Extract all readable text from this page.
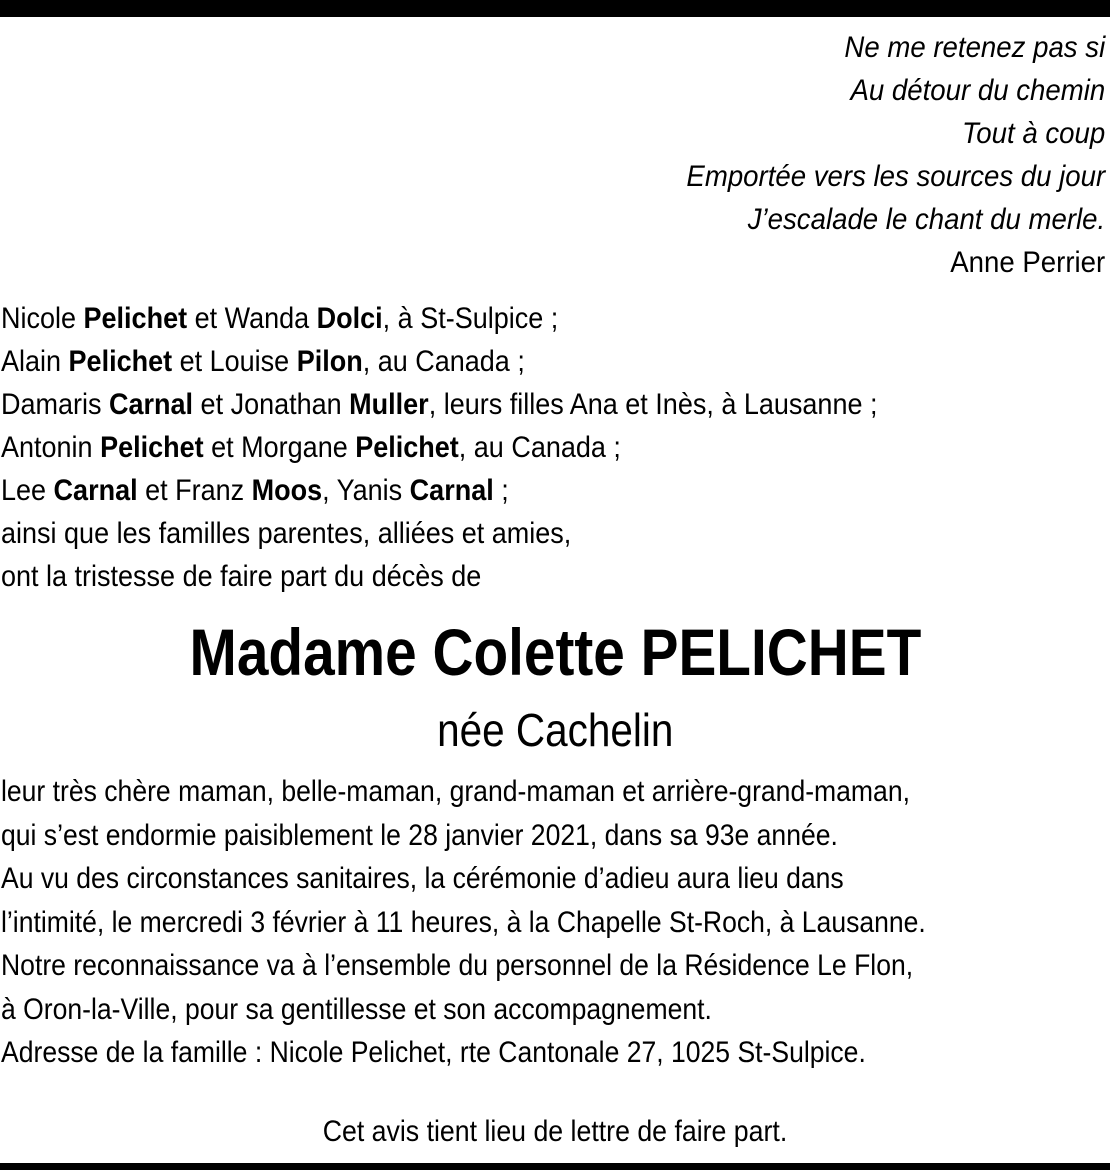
Ne me retenez pas si
Au détour du chemin
Tout à coup
Emportée vers les sources du jour
J’escalade le chant du merle.
Anne Perrier
Nicole Pelichet et Wanda Dolci, à St-Sulpice ;
Alain Pelichet et Louise Pilon, au Canada ;
Damaris Carnal et Jonathan Muller, leurs filles Ana et Inès, à Lausanne ;
Antonin Pelichet et Morgane Pelichet, au Canada ;
Lee Carnal et Franz Moos, Yanis Carnal ;
ainsi que les familles parentes, alliées et amies,
ont la tristesse de faire part du décès de
Madame Colette PELICHET
née Cachelin
leur très chère maman, belle-maman, grand-maman et arrière-grand-maman,
qui s’est endormie paisiblement le 28 janvier 2021, dans sa 93e année.
Au vu des circonstances sanitaires, la cérémonie d’adieu aura lieu dans
l’intimité, le mercredi 3 février à 11 heures, à la Chapelle St-Roch, à Lausanne.
Notre reconnaissance va à l’ensemble du personnel de la Résidence Le Flon,
à Oron-la-Ville, pour sa gentillesse et son accompagnement.
Adresse de la famille : Nicole Pelichet, rte Cantonale 27, 1025 St-Sulpice.
Cet avis tient lieu de lettre de faire part.
